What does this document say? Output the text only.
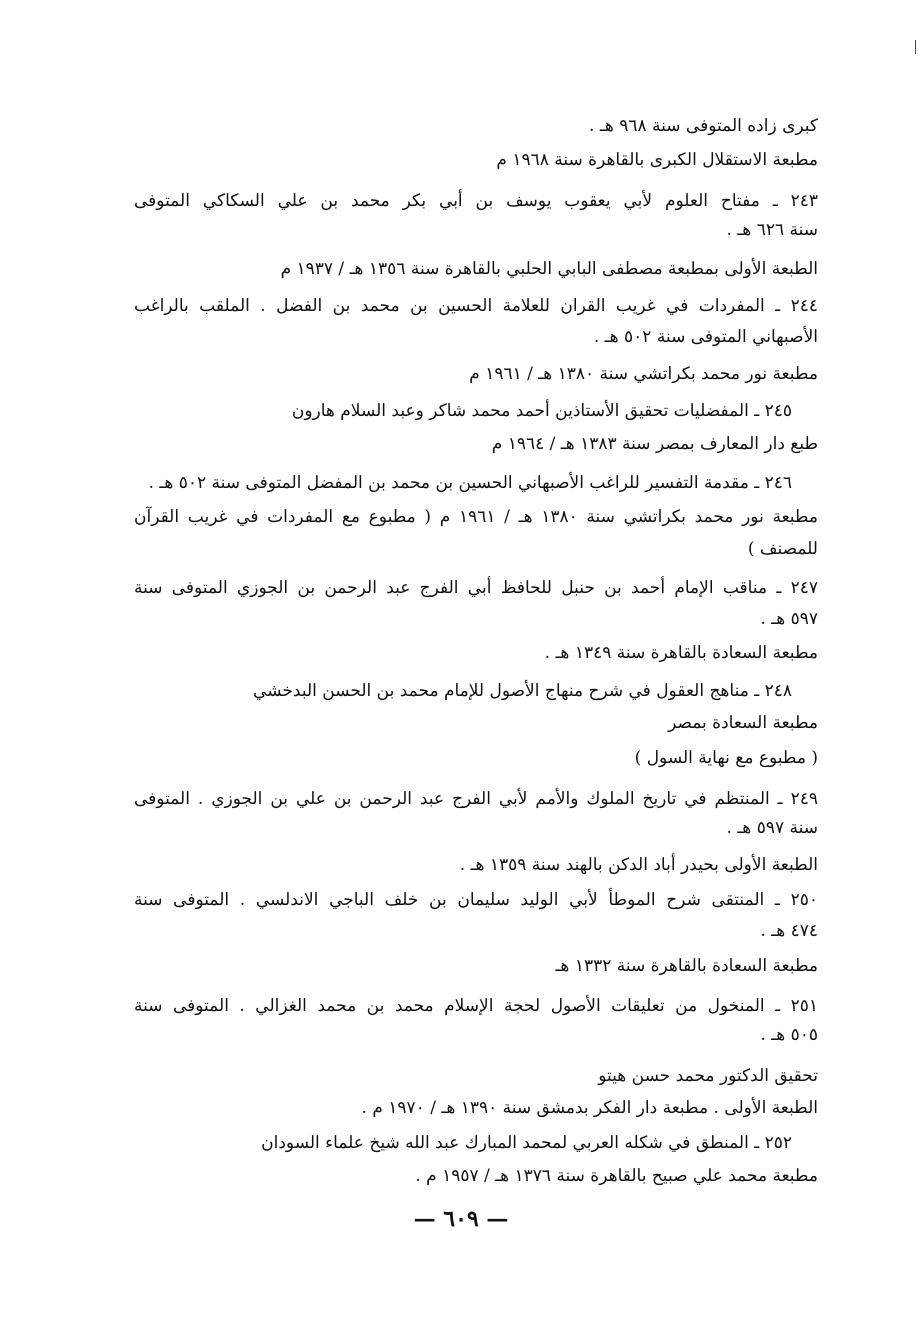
كبرى زاده المتوفى سنة ٩٦٨ هـ .

مطبعة الاستقلال الكبرى بالقاهرة سنة ١٩٦٨ م

٢٤٣ ـ مفتاح العلوم لأبي يعقوب يوسف بن أبي بكر محمد بن علي السكاكي المتوفى

سنة ٦٢٦ هـ .

الطبعة الأولى بمطبعة مصطفى البابي الحلبي بالقاهرة سنة ١٣٥٦ هـ / ١٩٣٧ م

٢٤٤ ـ المفردات في غريب القران للعلامة الحسين بن محمد بن الفضل . الملقب بالراغب

الأصبهاني المتوفى سنة ٥٠٢ هـ .

مطبعة نور محمد بكراتشي سنة ١٣٨٠ هـ / ١٩٦١ م

٢٤٥ ـ المفضليات تحقيق الأستاذين أحمد محمد شاكر وعبد السلام هارون

طبع دار المعارف بمصر سنة ١٣٨٣ هـ / ١٩٦٤ م

٢٤٦ ـ مقدمة التفسير للراغب الأصبهاني الحسين بن محمد بن المفضل المتوفى سنة ٥٠٢ هـ .

مطبعة نور محمد بكراتشي سنة ١٣٨٠ هـ / ١٩٦١ م ( مطبوع مع المفردات في غريب القرآن

للمصنف )

٢٤٧ ـ مناقب الإمام أحمد بن حنبل للحافظ أبي الفرج عبد الرحمن بن الجوزي المتوفى سنة

٥٩٧ هـ .

مطبعة السعادة بالقاهرة سنة ١٣٤٩ هـ .

٢٤٨ ـ مناهج العقول في شرح منهاج الأصول للإمام محمد بن الحسن البدخشي

مطبعة السعادة بمصر

( مطبوع مع نهاية السول )

٢٤٩ ـ المنتظم في تاريخ الملوك والأمم لأبي الفرج عبد الرحمن بن علي بن الجوزي . المتوفى

سنة ٥٩٧ هـ .

الطبعة الأولى بحيدر أباد الدكن بالهند سنة ١٣٥٩ هـ .

٢٥٠ ـ المنتقى شرح الموطأ لأبي الوليد سليمان بن خلف الباجي الاندلسي . المتوفى سنة

٤٧٤ هـ .

مطبعة السعادة بالقاهرة سنة ١٣٣٢ هـ

٢٥١ ـ المنخول من تعليقات الأصول لحجة الإسلام محمد بن محمد الغزالي . المتوفى سنة

٥٠٥ هـ .

تحقيق الدكتور محمد حسن هيتو

الطبعة الأولى . مطبعة دار الفكر بدمشق سنة ١٣٩٠ هـ / ١٩٧٠ م .

٢٥٢ ـ المنطق في شكله العربي لمحمد المبارك عبد الله شيخ علماء السودان

مطبعة محمد علي صبيح بالقاهرة سنة ١٣٧٦ هـ / ١٩٥٧ م .

— ٦٠٩ —
